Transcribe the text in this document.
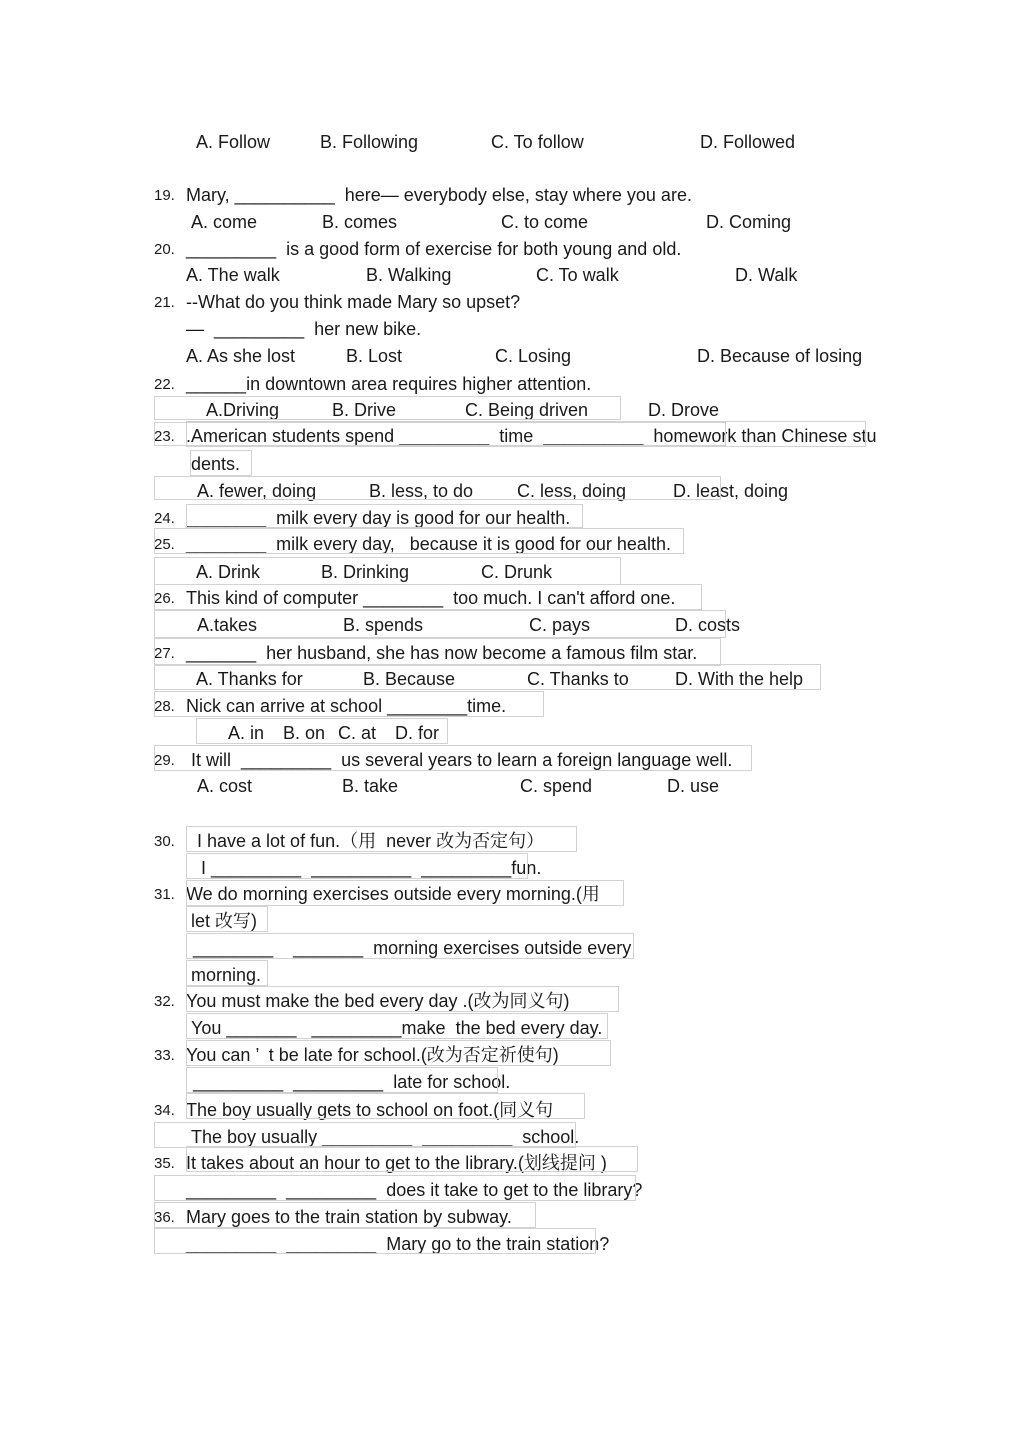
A. Follow	B. Following	C. To follow	D. Followed
19. Mary, __________  here— everybody else, stay where you are.
A. come	B. comes	C. to come	D. Coming
20. _________  is a good form of exercise for both young and old.
A. The walk	B. Walking	C. To walk	D. Walk
21. --What do you think made Mary so upset?
—  _________  her new bike.
A. As she lost	B. Lost	C. Losing	D. Because of losing
22. ______in downtown area requires higher attention.
A.Driving	B. Drive	C. Being driven	D. Drove
23. .American students spend _________  time  __________  homework than Chinese stu
dents.
A. fewer, doing	B. less, to do C. less, doing	D. least, doing
24. ________  milk every day is good for our health.
25. ________  milk every day,   because it is good for our health.
A. Drink	B. Drinking	C. Drunk
26. This kind of computer ________  too much. I can't afford one.
A.takes	B. spends	C. pays	D. costs
27. _______  her husband, she has now become a famous film star.
A. Thanks for	B. Because	C. Thanks to	D. With the help
28. Nick can arrive at school ________time.
A. in B. on C. at D. for
29. It will  _________  us several years to learn a foreign language well.
A. cost	B. take	C. spend	D. use
30. I have a lot of fun.（用  never 改为否定句）
I _________  __________  _________fun.
31. We do morning exercises outside every morning.(用
let 改写)
________    _______  morning exercises outside every
morning.
32. You must make the bed every day .(改为同义句)
You _______   _________make  the bed every day.
33. You can ’  t be late for school.(改为否定祈使句)
_________  _________  late for school.
34. The boy usually gets to school on foot.(同义句
The boy usually _________  _________  school.
35. It takes about an hour to get to the library.(划线提问 )
_________  _________  does it take to get to the library?
36. Mary goes to the train station by subway.
_________  _________  Mary go to the train station?
